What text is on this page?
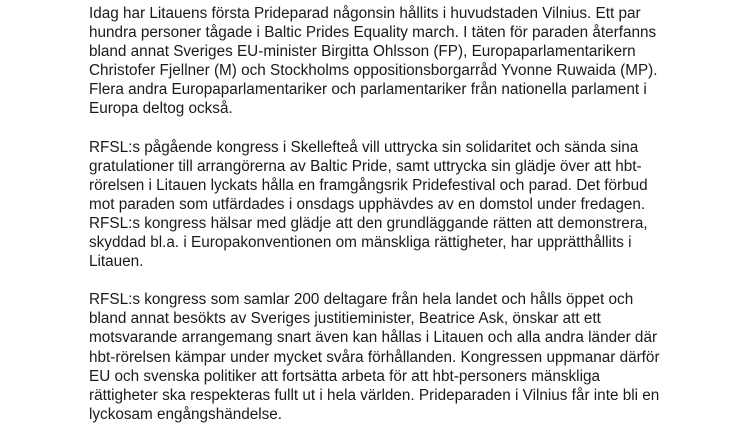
Idag har Litauens första Prideparad någonsin hållits i huvudstaden Vilnius. Ett par
hundra personer tågade i Baltic Prides Equality march. I täten för paraden återfanns
bland annat Sveriges EU-minister Birgitta Ohlsson (FP), Europaparlamentarikern
Christofer Fjellner (M) och Stockholms oppositionsborgarråd Yvonne Ruwaida (MP).
Flera andra Europaparlamentariker och parlamentariker från nationella parlament i
Europa deltog också.

RFSL:s pågående kongress i Skellefteå vill uttrycka sin solidaritet och sända sina
gratulationer till arrangörerna av Baltic Pride, samt uttrycka sin glädje över att hbt-
rörelsen i Litauen lyckats hålla en framgångsrik Pridefestival och parad. Det förbud
mot paraden som utfärdades i onsdags upphävdes av en domstol under fredagen.
RFSL:s kongress hälsar med glädje att den grundläggande rätten att demonstrera,
skyddad bl.a. i Europakonventionen om mänskliga rättigheter, har upprätthållits i
Litauen.

RFSL:s kongress som samlar 200 deltagare från hela landet och hålls öppet och
bland annat besökts av Sveriges justitieminister, Beatrice Ask, önskar att ett
motsvarande arrangemang snart även kan hållas i Litauen och alla andra länder där
hbt-rörelsen kämpar under mycket svåra förhållanden. Kongressen uppmanar därför
EU och svenska politiker att fortsätta arbeta för att hbt-personers mänskliga
rättigheter ska respekteras fullt ut i hela världen. Prideparaden i Vilnius får inte bli en
lyckosam engångshändelse.
